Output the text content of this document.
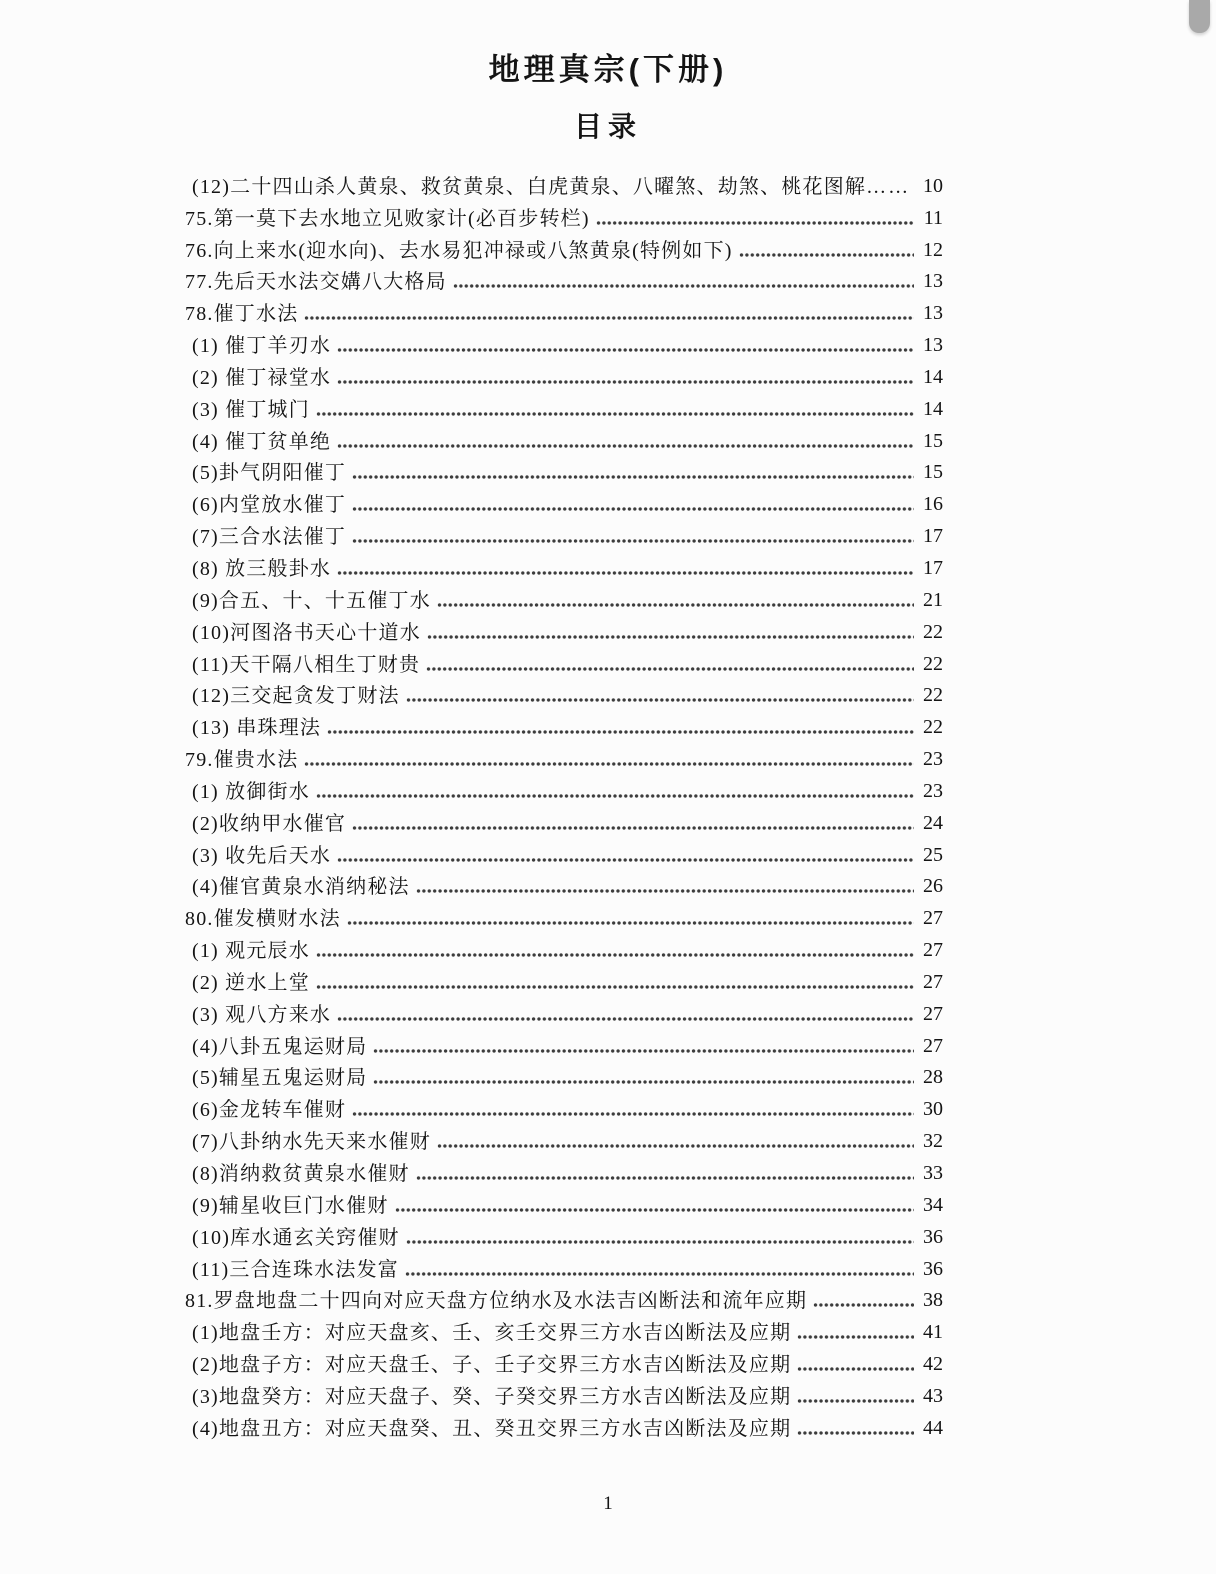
地理真宗(下册)
目录
(12)二十四山杀人黄泉、救贫黄泉、白虎黄泉、八曜煞、劫煞、桃花图解 …… 10
75.第一莫下去水地立见败家计(必百步转栏)	11
76.向上来水(迎水向)、去水易犯冲禄或八煞黄泉(特例如下)	12
77.先后天水法交媾八大格局	13
78.催丁水法	13
(1) 催丁羊刃水	13
(2) 催丁禄堂水	14
(3) 催丁城门	14
(4) 催丁贫单绝	15
(5)卦气阴阳催丁	15
(6)内堂放水催丁	16
(7)三合水法催丁	17
(8) 放三般卦水	17
(9)合五、十、十五催丁水	21
(10)河图洛书天心十道水	22
(11)天干隔八相生丁财贵	22
(12)三交起贪发丁财法	22
(13) 串珠理法	22
79.催贵水法	23
(1) 放御街水	23
(2)收纳甲水催官	24
(3) 收先后天水	25
(4)催官黄泉水消纳秘法	26
80.催发横财水法	27
(1) 观元辰水	27
(2) 逆水上堂	27
(3) 观八方来水	27
(4)八卦五鬼运财局	27
(5)辅星五鬼运财局	28
(6)金龙转车催财	30
(7)八卦纳水先天来水催财	32
(8)消纳救贫黄泉水催财	33
(9)辅星收巨门水催财	34
(10)库水通玄关窍催财	36
(11)三合连珠水法发富	36
81.罗盘地盘二十四向对应天盘方位纳水及水法吉凶断法和流年应期	38
(1)地盘壬方：对应天盘亥、壬、亥壬交界三方水吉凶断法及应期	41
(2)地盘子方：对应天盘壬、子、壬子交界三方水吉凶断法及应期	42
(3)地盘癸方：对应天盘子、癸、子癸交界三方水吉凶断法及应期	43
(4)地盘丑方：对应天盘癸、丑、癸丑交界三方水吉凶断法及应期	44
1
